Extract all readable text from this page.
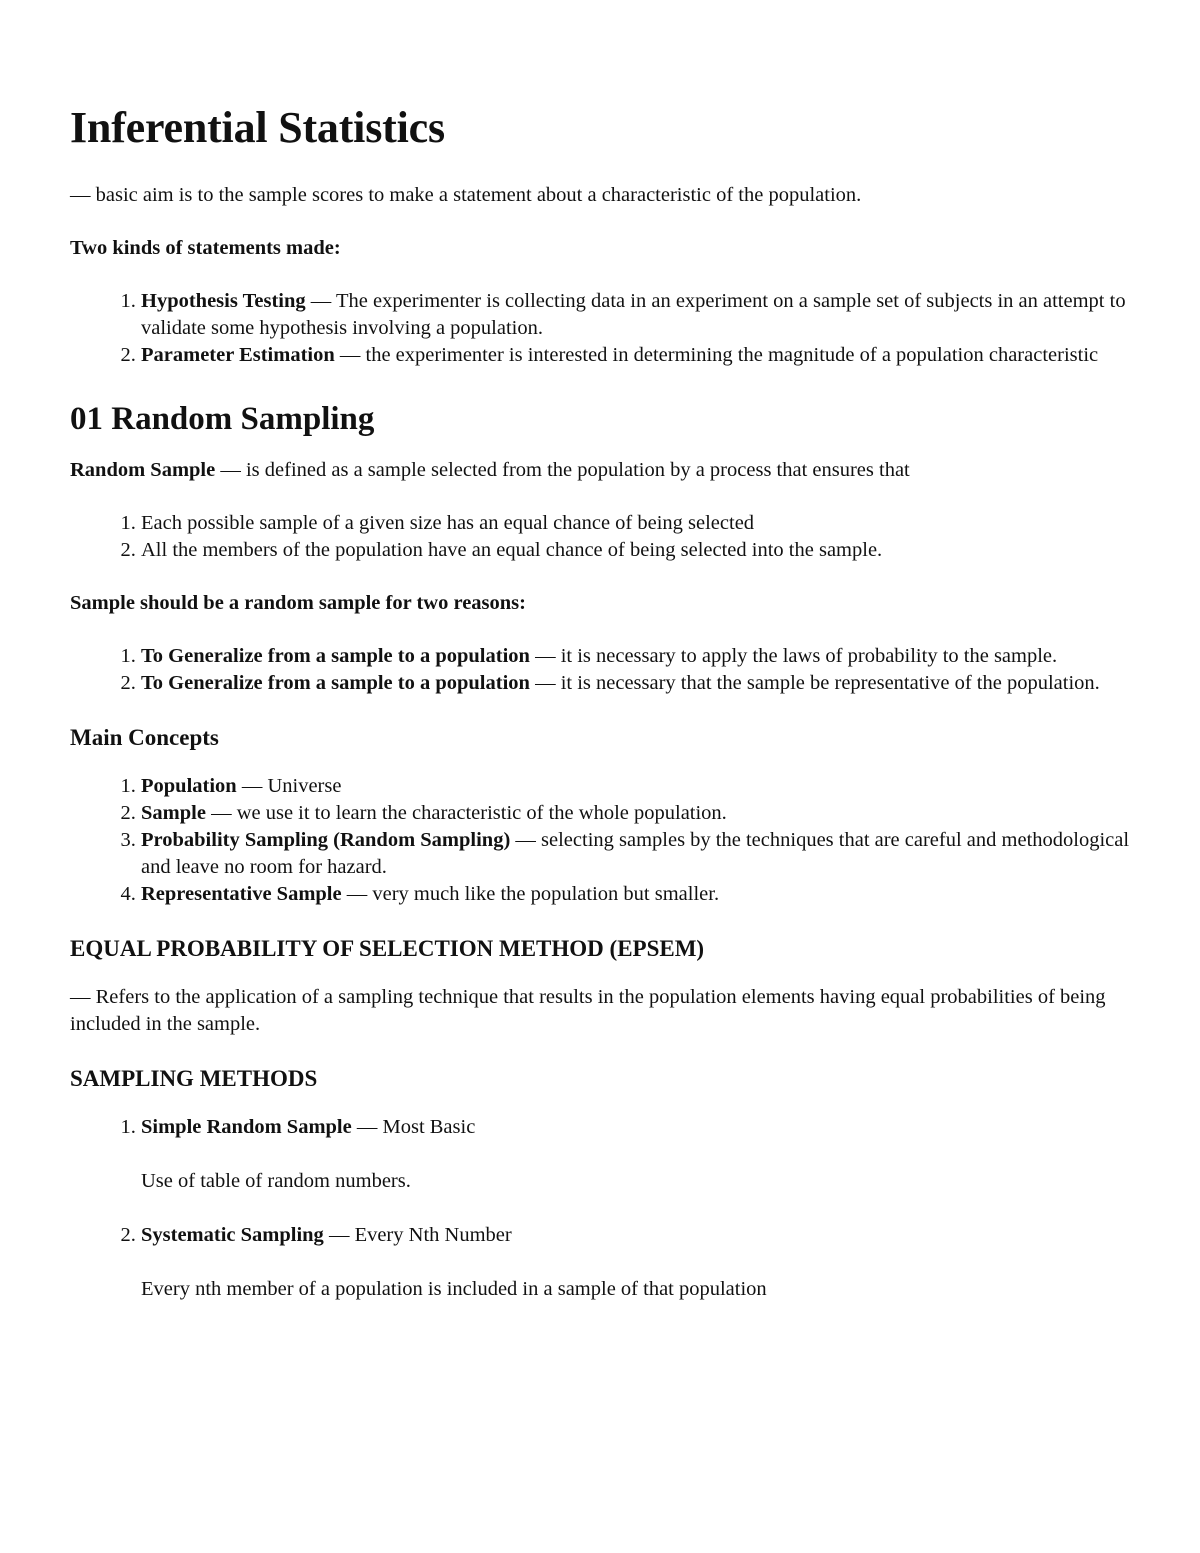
Inferential Statistics

— basic aim is to the sample scores to make a statement about a characteristic of the population.

Two kinds of statements made:

1. Hypothesis Testing — The experimenter is collecting data in an experiment on a sample set of subjects in an attempt to validate some hypothesis involving a population.
2. Parameter Estimation — the experimenter is interested in determining the magnitude of a population characteristic
01 Random Sampling

Random Sample — is defined as a sample selected from the population by a process that ensures that

1. Each possible sample of a given size has an equal chance of being selected
2. All the members of the population have an equal chance of being selected into the sample.

Sample should be a random sample for two reasons:

1. To Generalize from a sample to a population — it is necessary to apply the laws of probability to the sample.
2. To Generalize from a sample to a population — it is necessary that the sample be representative of the population.
Main Concepts
1. Population — Universe
2. Sample — we use it to learn the characteristic of the whole population.
3. Probability Sampling (Random Sampling) — selecting samples by the techniques that are careful and methodological and leave no room for hazard.
4. Representative Sample — very much like the population but smaller.
EQUAL PROBABILITY OF SELECTION METHOD (EPSEM)

— Refers to the application of a sampling technique that results in the population elements having equal probabilities of being included in the sample.

SAMPLING METHODS
1. Simple Random Sample — Most Basic
Use of table of random numbers.
2. Systematic Sampling — Every Nth Number
Every nth member of a population is included in a sample of that population
